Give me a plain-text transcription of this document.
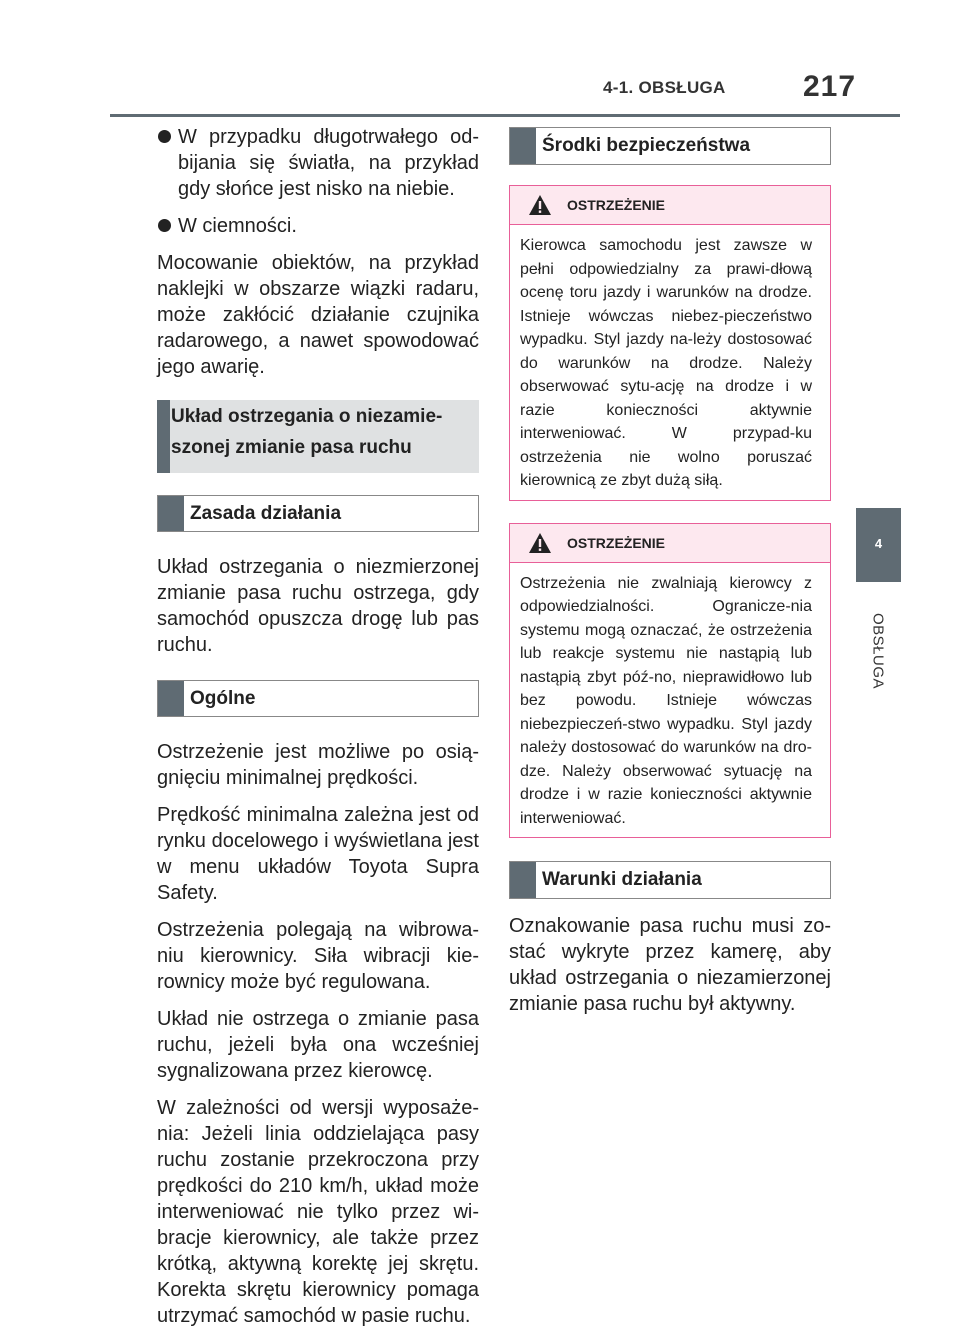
4-1. OBSŁUGA	217
4
OBSŁUGA

W przypadku długotrwałego od-bijania się światła, na przykład gdy słońce jest nisko na niebie.

W ciemności.

Mocowanie obiektów, na przykład naklejki w obszarze wiązki radaru, może zakłócić działanie czujnika radarowego, a nawet spowodować jego awarię.

Układ ostrzegania o niezamie-szonej zmianie pasa ruchu
Zasada działania

Układ ostrzegania o niezmierzonej zmianie pasa ruchu ostrzega, gdy samochód opuszcza drogę lub pas ruchu.

Ogólne

Ostrzeżenie jest możliwe po osią-gnięciu minimalnej prędkości.

Prędkość minimalna zależna jest od rynku docelowego i wyświetlana jest w menu układów Toyota Supra Safety.

Ostrzeżenia polegają na wibrowa-niu kierownicy. Siła wibracji kie-rownicy może być regulowana.

Układ nie ostrzega o zmianie pasa ruchu, jeżeli była ona wcześniej sygnalizowana przez kierowcę.

W zależności od wersji wyposaże-nia: Jeżeli linia oddzielająca pasy ruchu zostanie przekroczona przy prędkości do 210 km/h, układ może interweniować nie tylko przez wi-bracje kierownicy, ale także przez krótką, aktywną korektę jej skrętu. Korekta skrętu kierownicy pomaga utrzymać samochód w pasie ruchu.

Środki bezpieczeństwa
OSTRZEŻENIE
Kierowca samochodu jest zawsze w pełni odpowiedzialny za prawi-dłową ocenę toru jazdy i warunków na drodze. Istnieje wówczas niebez-pieczeństwo wypadku. Styl jazdy na-leży dostosować do warunków na drodze. Należy obserwować sytu-ację na drodze i w razie konieczności aktywnie interweniować. W przypad-ku ostrzeżenia nie wolno poruszać kierownicą ze zbyt dużą siłą.
OSTRZEŻENIE
Ostrzeżenia nie zwalniają kierowcy z odpowiedzialności. Ogranicze-nia systemu mogą oznaczać, że ostrzeżenia lub reakcje systemu nie nastąpią lub nastąpią zbyt póź-no, nieprawidłowo lub bez powodu. Istnieje wówczas niebezpieczeń-stwo wypadku. Styl jazdy należy dostosować do warunków na dro-dze. Należy obserwować sytuację na drodze i w razie konieczności aktywnie interweniować.
Warunki działania

Oznakowanie pasa ruchu musi zo-stać wykryte przez kamerę, aby układ ostrzegania o niezamierzonej zmianie pasa ruchu był aktywny.
